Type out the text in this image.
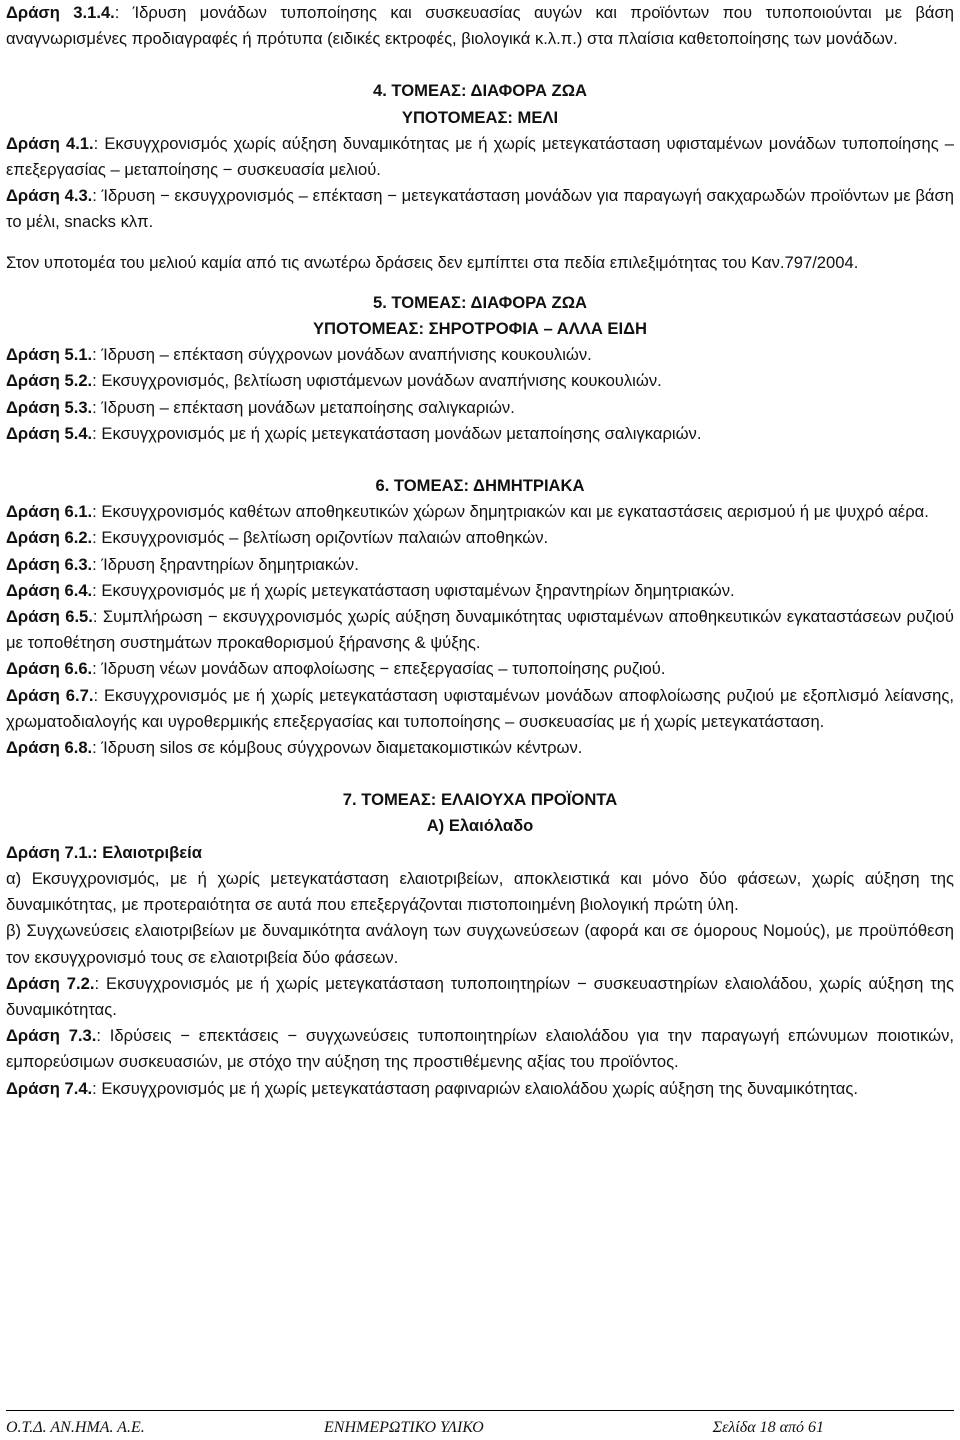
Δράση 3.1.4.: Ίδρυση μονάδων τυποποίησης και συσκευασίας αυγών και προϊόντων που τυποποιούνται με βάση αναγνωρισμένες προδιαγραφές ή πρότυπα (ειδικές εκτροφές, βιολογικά κ.λ.π.) στα πλαίσια καθετοποίησης των μονάδων.

4. ΤΟΜΕΑΣ: ΔΙΑΦΟΡΑ ΖΩΑ

ΥΠΟΤΟΜΕΑΣ: ΜΕΛΙ

Δράση 4.1.: Εκσυγχρονισμός χωρίς αύξηση δυναμικότητας με ή χωρίς μετεγκατάσταση υφισταμένων μονάδων τυποποίησης – επεξεργασίας – μεταποίησης − συσκευασία μελιού.

Δράση 4.3.: Ίδρυση − εκσυγχρονισμός – επέκταση − μετεγκατάσταση μονάδων για παραγωγή σακχαρωδών προϊόντων με βάση το μέλι, snacks κλπ.

Στον υποτομέα του μελιού καμία από τις ανωτέρω δράσεις δεν εμπίπτει στα πεδία επιλεξιμότητας του Καν.797/2004.

5. ΤΟΜΕΑΣ: ΔΙΑΦΟΡΑ ΖΩΑ

ΥΠΟΤΟΜΕΑΣ: ΣΗΡΟΤΡΟΦΙΑ – ΑΛΛΑ ΕΙΔΗ

Δράση 5.1.: Ίδρυση – επέκταση σύγχρονων μονάδων αναπήνισης κουκουλιών.

Δράση 5.2.: Εκσυγχρονισμός, βελτίωση υφιστάμενων μονάδων αναπήνισης κουκουλιών.

Δράση 5.3.: Ίδρυση – επέκταση μονάδων μεταποίησης σαλιγκαριών.

Δράση 5.4.: Εκσυγχρονισμός με ή χωρίς μετεγκατάσταση μονάδων μεταποίησης σαλιγκαριών.

6. ΤΟΜΕΑΣ: ΔΗΜΗΤΡΙΑΚΑ

Δράση 6.1.: Εκσυγχρονισμός καθέτων αποθηκευτικών χώρων δημητριακών και με εγκαταστάσεις αερισμού ή με ψυχρό αέρα.

Δράση 6.2.: Εκσυγχρονισμός – βελτίωση οριζοντίων παλαιών αποθηκών.

Δράση 6.3.: Ίδρυση ξηραντηρίων δημητριακών.

Δράση 6.4.: Εκσυγχρονισμός με ή χωρίς μετεγκατάσταση υφισταμένων ξηραντηρίων δημητριακών.

Δράση 6.5.: Συμπλήρωση − εκσυγχρονισμός χωρίς αύξηση δυναμικότητας υφισταμένων αποθηκευτικών εγκαταστάσεων ρυζιού με τοποθέτηση συστημάτων προκαθορισμού ξήρανσης & ψύξης.

Δράση 6.6.: Ίδρυση νέων μονάδων αποφλοίωσης − επεξεργασίας – τυποποίησης ρυζιού.

Δράση 6.7.: Εκσυγχρονισμός με ή χωρίς μετεγκατάσταση υφισταμένων μονάδων αποφλοίωσης ρυζιού με εξοπλισμό λείανσης, χρωματοδιαλογής και υγροθερμικής επεξεργασίας και τυποποίησης – συσκευασίας με ή χωρίς μετεγκατάσταση.

Δράση 6.8.: Ίδρυση silos σε κόμβους σύγχρονων διαμετακομιστικών κέντρων.

7. ΤΟΜΕΑΣ: ΕΛΑΙΟΥΧΑ ΠΡΟΪΟΝΤΑ

Α) Ελαιόλαδο

Δράση 7.1.: Ελαιοτριβεία

α) Εκσυγχρονισμός, με ή χωρίς μετεγκατάσταση ελαιοτριβείων, αποκλειστικά και μόνο δύο φάσεων, χωρίς αύξηση της δυναμικότητας, με προτεραιότητα σε αυτά που επεξεργάζονται πιστοποιημένη βιολογική πρώτη ύλη.

β) Συγχωνεύσεις ελαιοτριβείων με δυναμικότητα ανάλογη των συγχωνεύσεων (αφορά και σε όμορους Νομούς), με προϋπόθεση τον εκσυγχρονισμό τους σε ελαιοτριβεία δύο φάσεων.

Δράση 7.2.: Εκσυγχρονισμός με ή χωρίς μετεγκατάσταση τυποποιητηρίων − συσκευαστηρίων ελαιολάδου, χωρίς αύξηση της δυναμικότητας.

Δράση 7.3.: Ιδρύσεις − επεκτάσεις − συγχωνεύσεις τυποποιητηρίων ελαιολάδου για την παραγωγή επώνυμων ποιοτικών, εμπορεύσιμων συσκευασιών, με στόχο την αύξηση της προστιθέμενης αξίας του προϊόντος.

Δράση 7.4.: Εκσυγχρονισμός με ή χωρίς μετεγκατάσταση ραφιναριών ελαιολάδου χωρίς αύξηση της δυναμικότητας.

Ο.Τ.Δ. ΑΝ.ΗΜΑ. Α.Ε.	ΕΝΗΜΕΡΩΤΙΚΟ ΥΛΙΚΟ	Σελίδα 18 από 61
